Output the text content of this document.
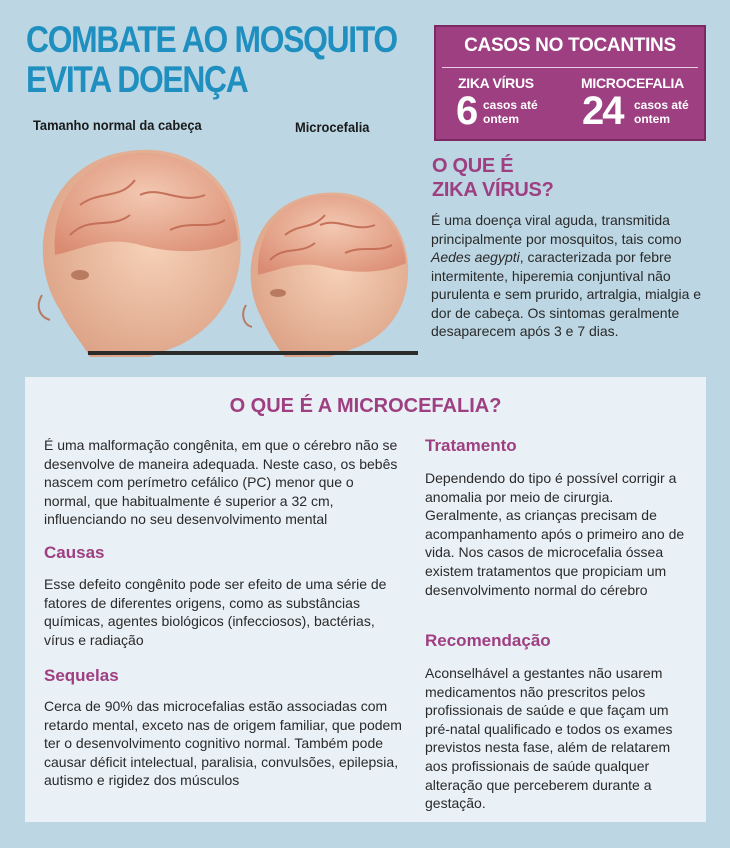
COMBATE AO MOSQUITO
EVITA DOENÇA
Tamanho normal da cabeça	Microcefalia
CASOS NO TOCANTINS
ZIKA VÍRUS	MICROCEFALIA
6	24
casos até
ontem
casos até
ontem
O QUE É
ZIKA VÍRUS?

É uma doença viral aguda, transmitida principalmente por mosquitos, tais como Aedes aegypti, caracterizada por febre intermitente, hiperemia conjuntival não purulenta e sem prurido, artralgia, mialgia e dor de cabeça. Os sintomas geralmente desaparecem após 3 e 7 dias.

O QUE É A MICROCEFALIA?

É uma malformação congênita, em que o cérebro não se desenvolve de maneira adequada. Neste caso, os bebês nascem com perímetro cefálico (PC) menor que o normal, que habitualmente é superior a 32 cm, influenciando no seu desenvolvimento mental

Causas

Esse defeito congênito pode ser efeito de uma série de fatores de diferentes origens, como as substâncias químicas, agentes biológicos (infecciosos), bactérias, vírus e radiação

Sequelas

Cerca de 90% das microcefalias estão associadas com retardo mental, exceto nas de origem familiar, que podem ter o desenvolvimento cognitivo normal. Também pode causar déficit intelectual, paralisia, convulsões, epilepsia, autismo e rigidez dos músculos

Tratamento

Dependendo do tipo é possível corrigir a anomalia por meio de cirurgia. Geralmente, as crianças precisam de acompanhamento após o primeiro ano de vida. Nos casos de microcefalia óssea existem tratamentos que propiciam um desenvolvimento normal do cérebro

Recomendação

Aconselhável a gestantes não usarem medicamentos não prescritos pelos profissionais de saúde e que façam um pré-natal qualificado e todos os exames previstos nesta fase, além de relatarem aos profissionais de saúde qualquer alteração que perceberem durante a gestação.
